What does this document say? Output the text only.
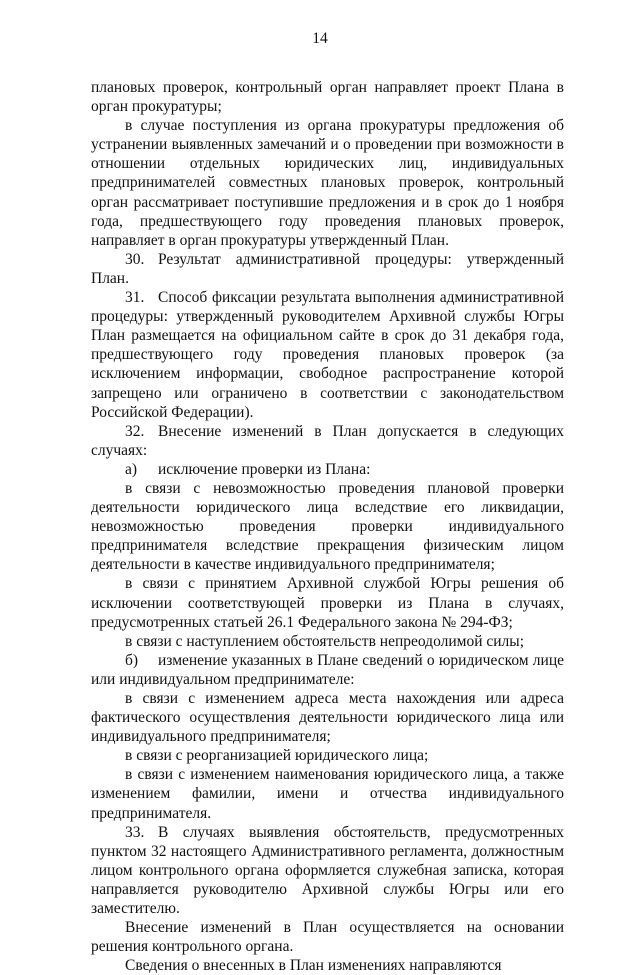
14

плановых проверок, контрольный орган направляет проект Плана в орган прокуратуры;

в случае поступления из органа прокуратуры предложения об устранении выявленных замечаний и о проведении при возможности в отношении отдельных юридических лиц, индивидуальных предпринимателей совместных плановых проверок, контрольный орган рассматривает поступившие предложения и в срок до 1 ноября года, предшествующего году проведения плановых проверок, направляет в орган прокуратуры утвержденный План.

30. Результат административной процедуры: утвержденный План.

31. Способ фиксации результата выполнения административной процедуры: утвержденный руководителем Архивной службы Югры План размещается на официальном сайте в срок до 31 декабря года, предшествующего году проведения плановых проверок (за исключением информации, свободное распространение которой запрещено или ограничено в соответствии с законодательством Российской Федерации).

32. Внесение изменений в План допускается в следующих случаях:

а) исключение проверки из Плана:

в связи с невозможностью проведения плановой проверки деятельности юридического лица вследствие его ликвидации, невозможностью проведения проверки индивидуального предпринимателя вследствие прекращения физическим лицом деятельности в качестве индивидуального предпринимателя;

в связи с принятием Архивной службой Югры решения об исключении соответствующей проверки из Плана в случаях, предусмотренных статьей 26.1 Федерального закона № 294-ФЗ;

в связи с наступлением обстоятельств непреодолимой силы;

б) изменение указанных в Плане сведений о юридическом лице или индивидуальном предпринимателе:

в связи с изменением адреса места нахождения или адреса фактического осуществления деятельности юридического лица или индивидуального предпринимателя;

в связи с реорганизацией юридического лица;

в связи с изменением наименования юридического лица, а также изменением фамилии, имени и отчества индивидуального предпринимателя.

33. В случаях выявления обстоятельств, предусмотренных пунктом 32 настоящего Административного регламента, должностным лицом контрольного органа оформляется служебная записка, которая направляется руководителю Архивной службы Югры или его заместителю.

Внесение изменений в План осуществляется на основании решения контрольного органа.

Сведения о внесенных в План изменениях направляются
